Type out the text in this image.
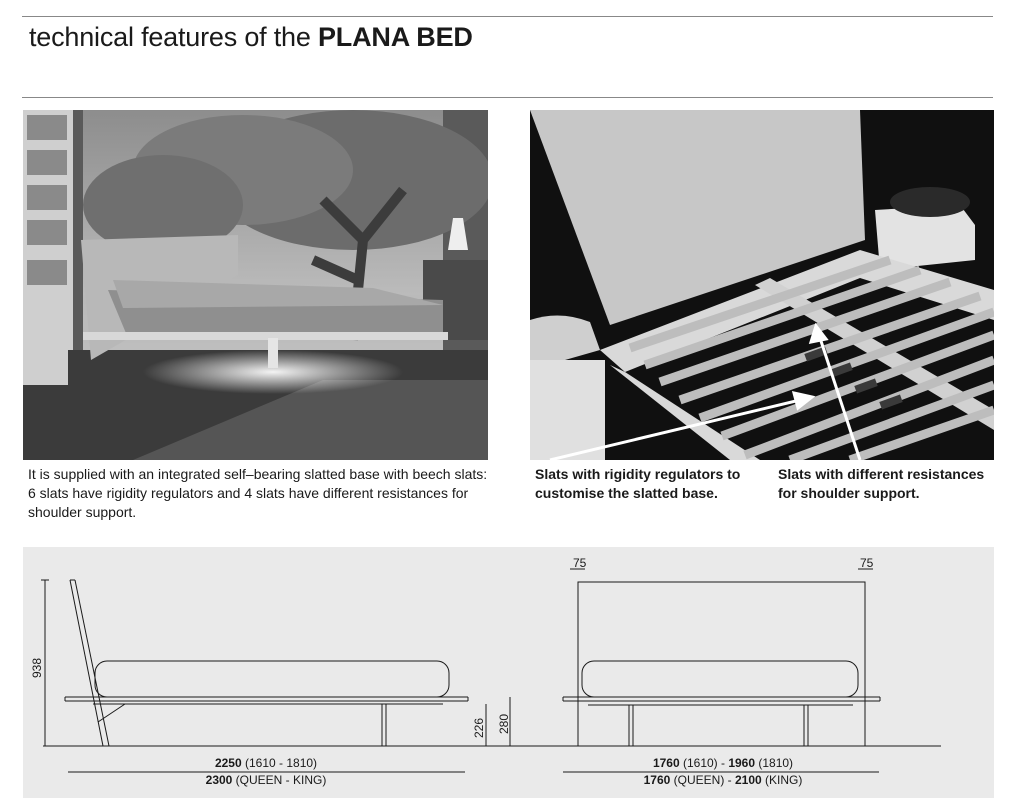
technical features of the PLANA BED
It is supplied with an integrated self–bearing slatted base with beech slats:
6 slats have rigidity regulators and 4 slats have different resistances for shoulder support.
Slats with rigidity regulators to customise the slatted base.
Slats with different resistances for shoulder support.
938
226 280
2250 (1610 - 1810)
2300 (QUEEN - KING)
75	75
1760 (1610) - 1960 (1810)
1760 (QUEEN) - 2100 (KING)
